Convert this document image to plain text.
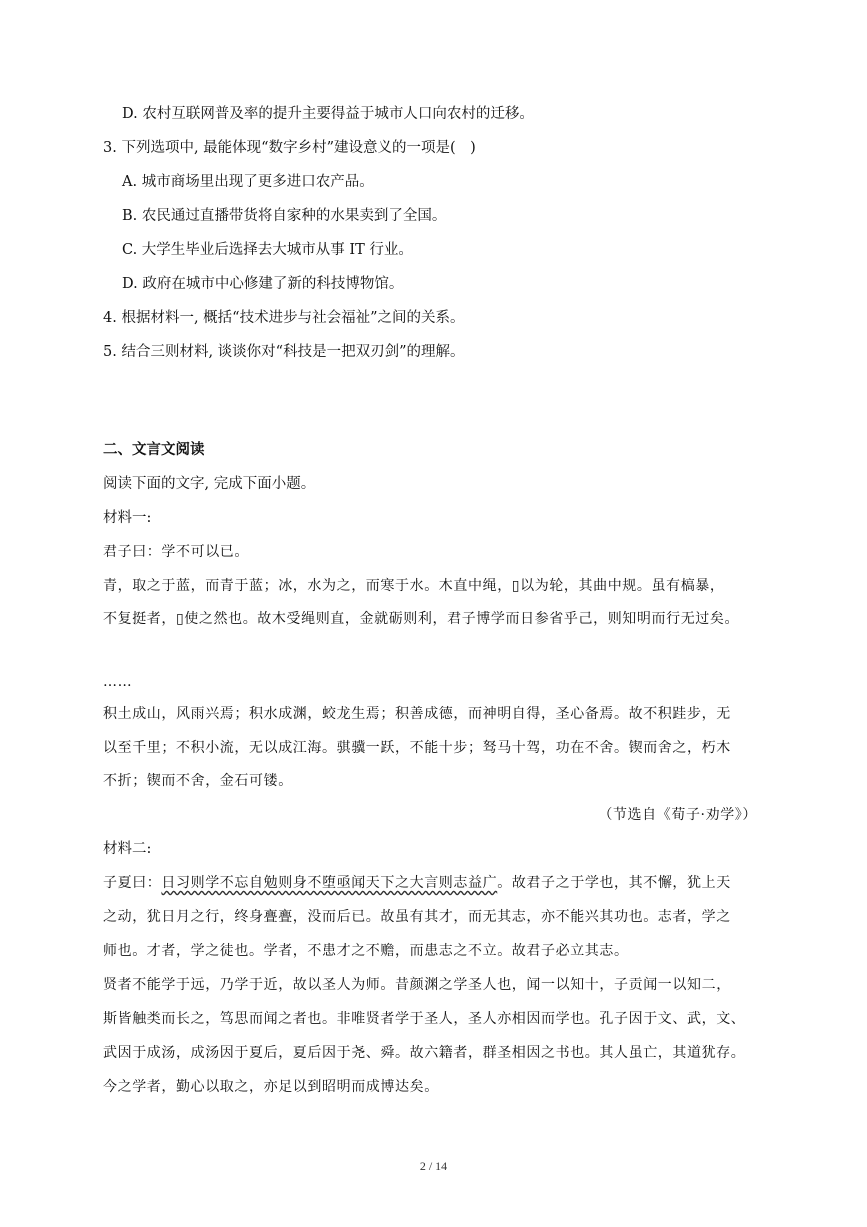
D. 农村互联网普及率的提升主要得益于城市人口向农村的迁移。
3. 下列选项中, 最能体现“数字乡村”建设意义的一项是(　)
A. 城市商场里出现了更多进口农产品。
B. 农民通过直播带货将自家种的水果卖到了全国。
C. 大学生毕业后选择去大城市从事 IT 行业。
D. 政府在城市中心修建了新的科技博物馆。
4. 根据材料一, 概括“技术进步与社会福祉”之间的关系。
5. 结合三则材料, 谈谈你对“科技是一把双刃剑”的理解。
二、文言文阅读
阅读下面的文字, 完成下面小题。
材料一:
君子曰：学不可以已。
青，取之于蓝，而青于蓝；冰，水为之，而寒于水。木直中绳，▯以为轮，其曲中规。虽有槁暴，
不复挺者，▯使之然也。故木受绳则直，金就砺则利，君子博学而日参省乎己，则知明而行无过矣。
……
积土成山，风雨兴焉；积水成渊，蛟龙生焉；积善成德，而神明自得，圣心备焉。故不积跬步，无
以至千里；不积小流，无以成江海。骐骥一跃，不能十步；驽马十驾，功在不舍。锲而舍之，朽木
不折；锲而不舍，金石可镂。
（节选自《荀子·劝学》）
材料二:
子夏曰：日习则学不忘自勉则身不堕亟闻天下之大言则志益广。故君子之于学也，其不懈，犹上天
之动，犹日月之行，终身亹亹，没而后已。故虽有其才，而无其志，亦不能兴其功也。志者，学之
师也。才者，学之徒也。学者，不患才之不赡，而患志之不立。故君子必立其志。
贤者不能学于远，乃学于近，故以圣人为师。昔颜渊之学圣人也，闻一以知十，子贡闻一以知二，
斯皆触类而长之，笃思而闻之者也。非唯贤者学于圣人，圣人亦相因而学也。孔子因于文、武，文、
武因于成汤，成汤因于夏后，夏后因于尧、舜。故六籍者，群圣相因之书也。其人虽亡，其道犹存。
今之学者，勤心以取之，亦足以到昭明而成博达矣。
2 / 14
